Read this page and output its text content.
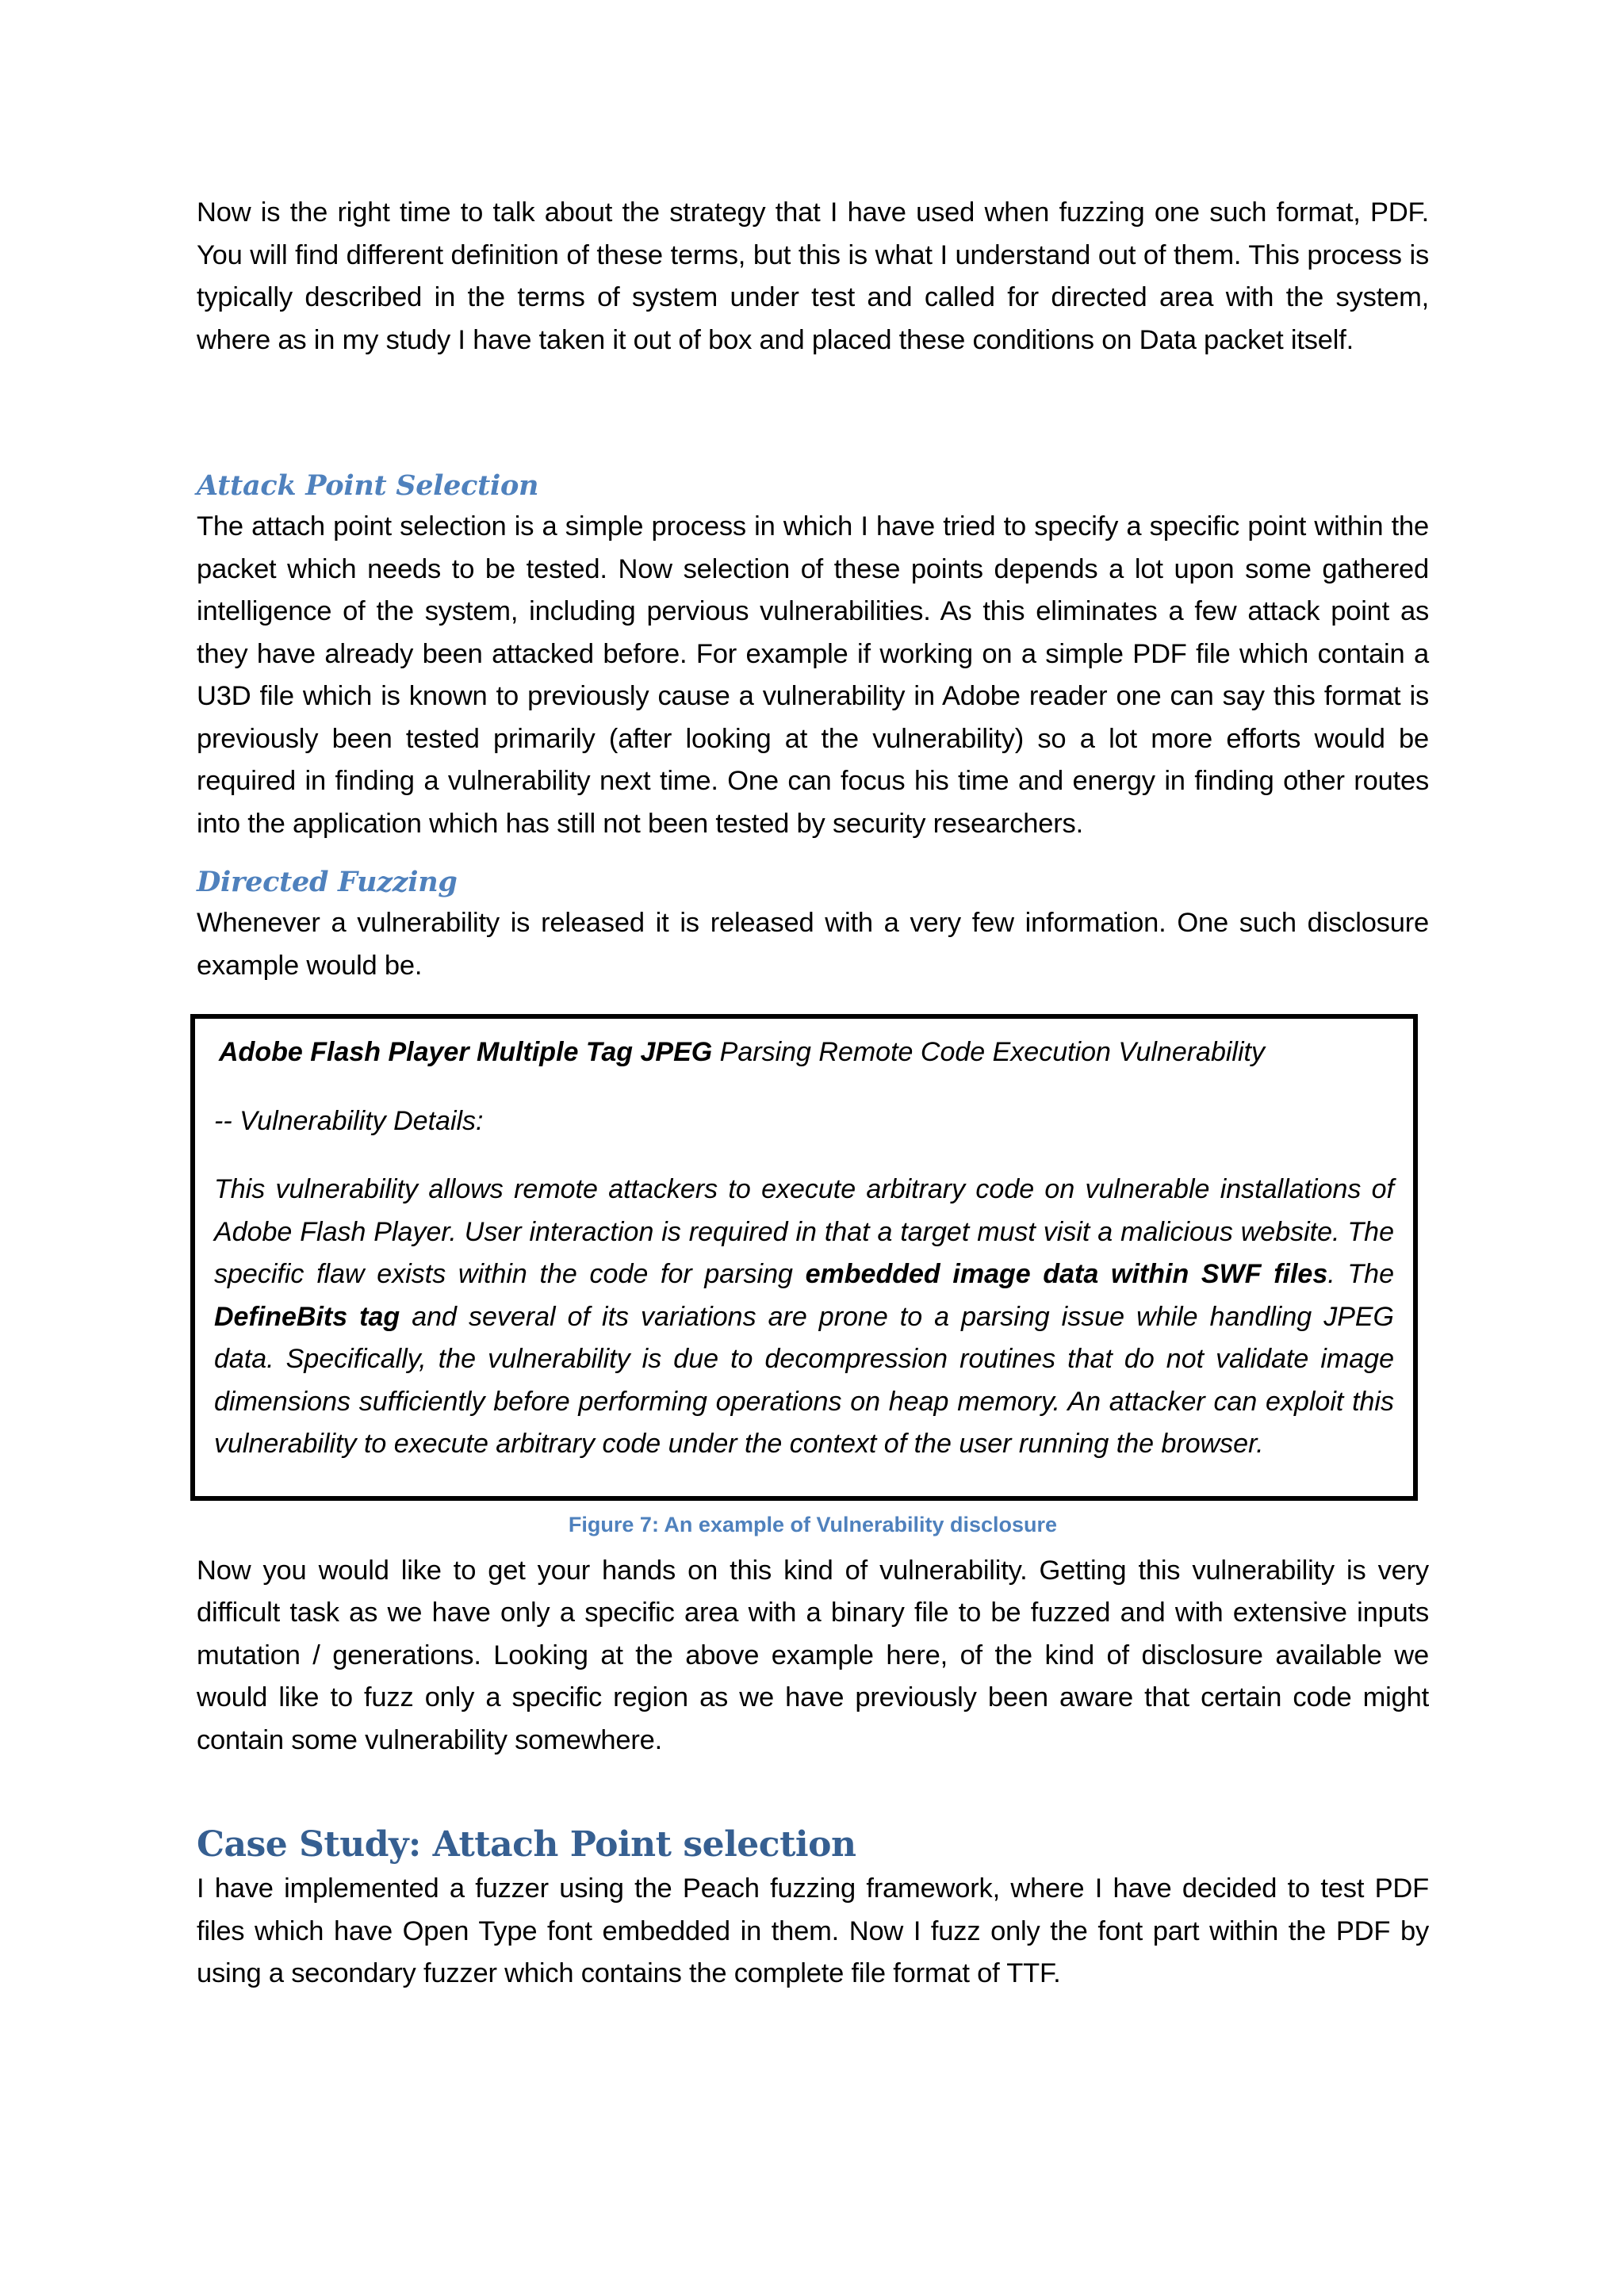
Now is the right time to talk about the strategy that I have used when fuzzing one such format, PDF. You will find different definition of these terms, but this is what I understand out of them. This process is typically described in the terms of system under test and called for directed area with the system, where as in my study I have taken it out of box and placed these conditions on Data packet itself.

Attack Point Selection

The attach point selection is a simple process in which I have tried to specify a specific point within the packet which needs to be tested. Now selection of these points depends a lot upon some gathered intelligence of the system, including pervious vulnerabilities. As this eliminates a few attack point as they have already been attacked before. For example if working on a simple PDF file which contain a U3D file which is known to previously cause a vulnerability in Adobe reader one can say this format is previously been tested primarily (after looking at the vulnerability) so a lot more efforts would be required in finding a vulnerability next time. One can focus his time and energy in finding other routes into the application which has still not been tested by security researchers.

Directed Fuzzing

Whenever a vulnerability is released it is released with a very few information. One such disclosure example would be.

Adobe Flash Player Multiple Tag JPEG Parsing Remote Code Execution Vulnerability

-- Vulnerability Details:

This vulnerability allows remote attackers to execute arbitrary code on vulnerable installations of Adobe Flash Player. User interaction is required in that a target must visit a malicious website. The specific flaw exists within the code for parsing embedded image data within SWF files. The DefineBits tag and several of its variations are prone to a parsing issue while handling JPEG data. Specifically, the vulnerability is due to decompression routines that do not validate image dimensions sufficiently before performing operations on heap memory. An attacker can exploit this vulnerability to execute arbitrary code under the context of the user running the browser.

Figure 7: An example of Vulnerability disclosure

Now you would like to get your hands on this kind of vulnerability. Getting this vulnerability is very difficult task as we have only a specific area with a binary file to be fuzzed and with extensive inputs mutation / generations. Looking at the above example here, of the kind of disclosure available we would like to fuzz only a specific region as we have previously been aware that certain code might contain some vulnerability somewhere.

Case Study: Attach Point selection

I have implemented a fuzzer using the Peach fuzzing framework, where I have decided to test PDF files which have Open Type font embedded in them. Now I fuzz only the font part within the PDF by using a secondary fuzzer which contains the complete file format of TTF.
